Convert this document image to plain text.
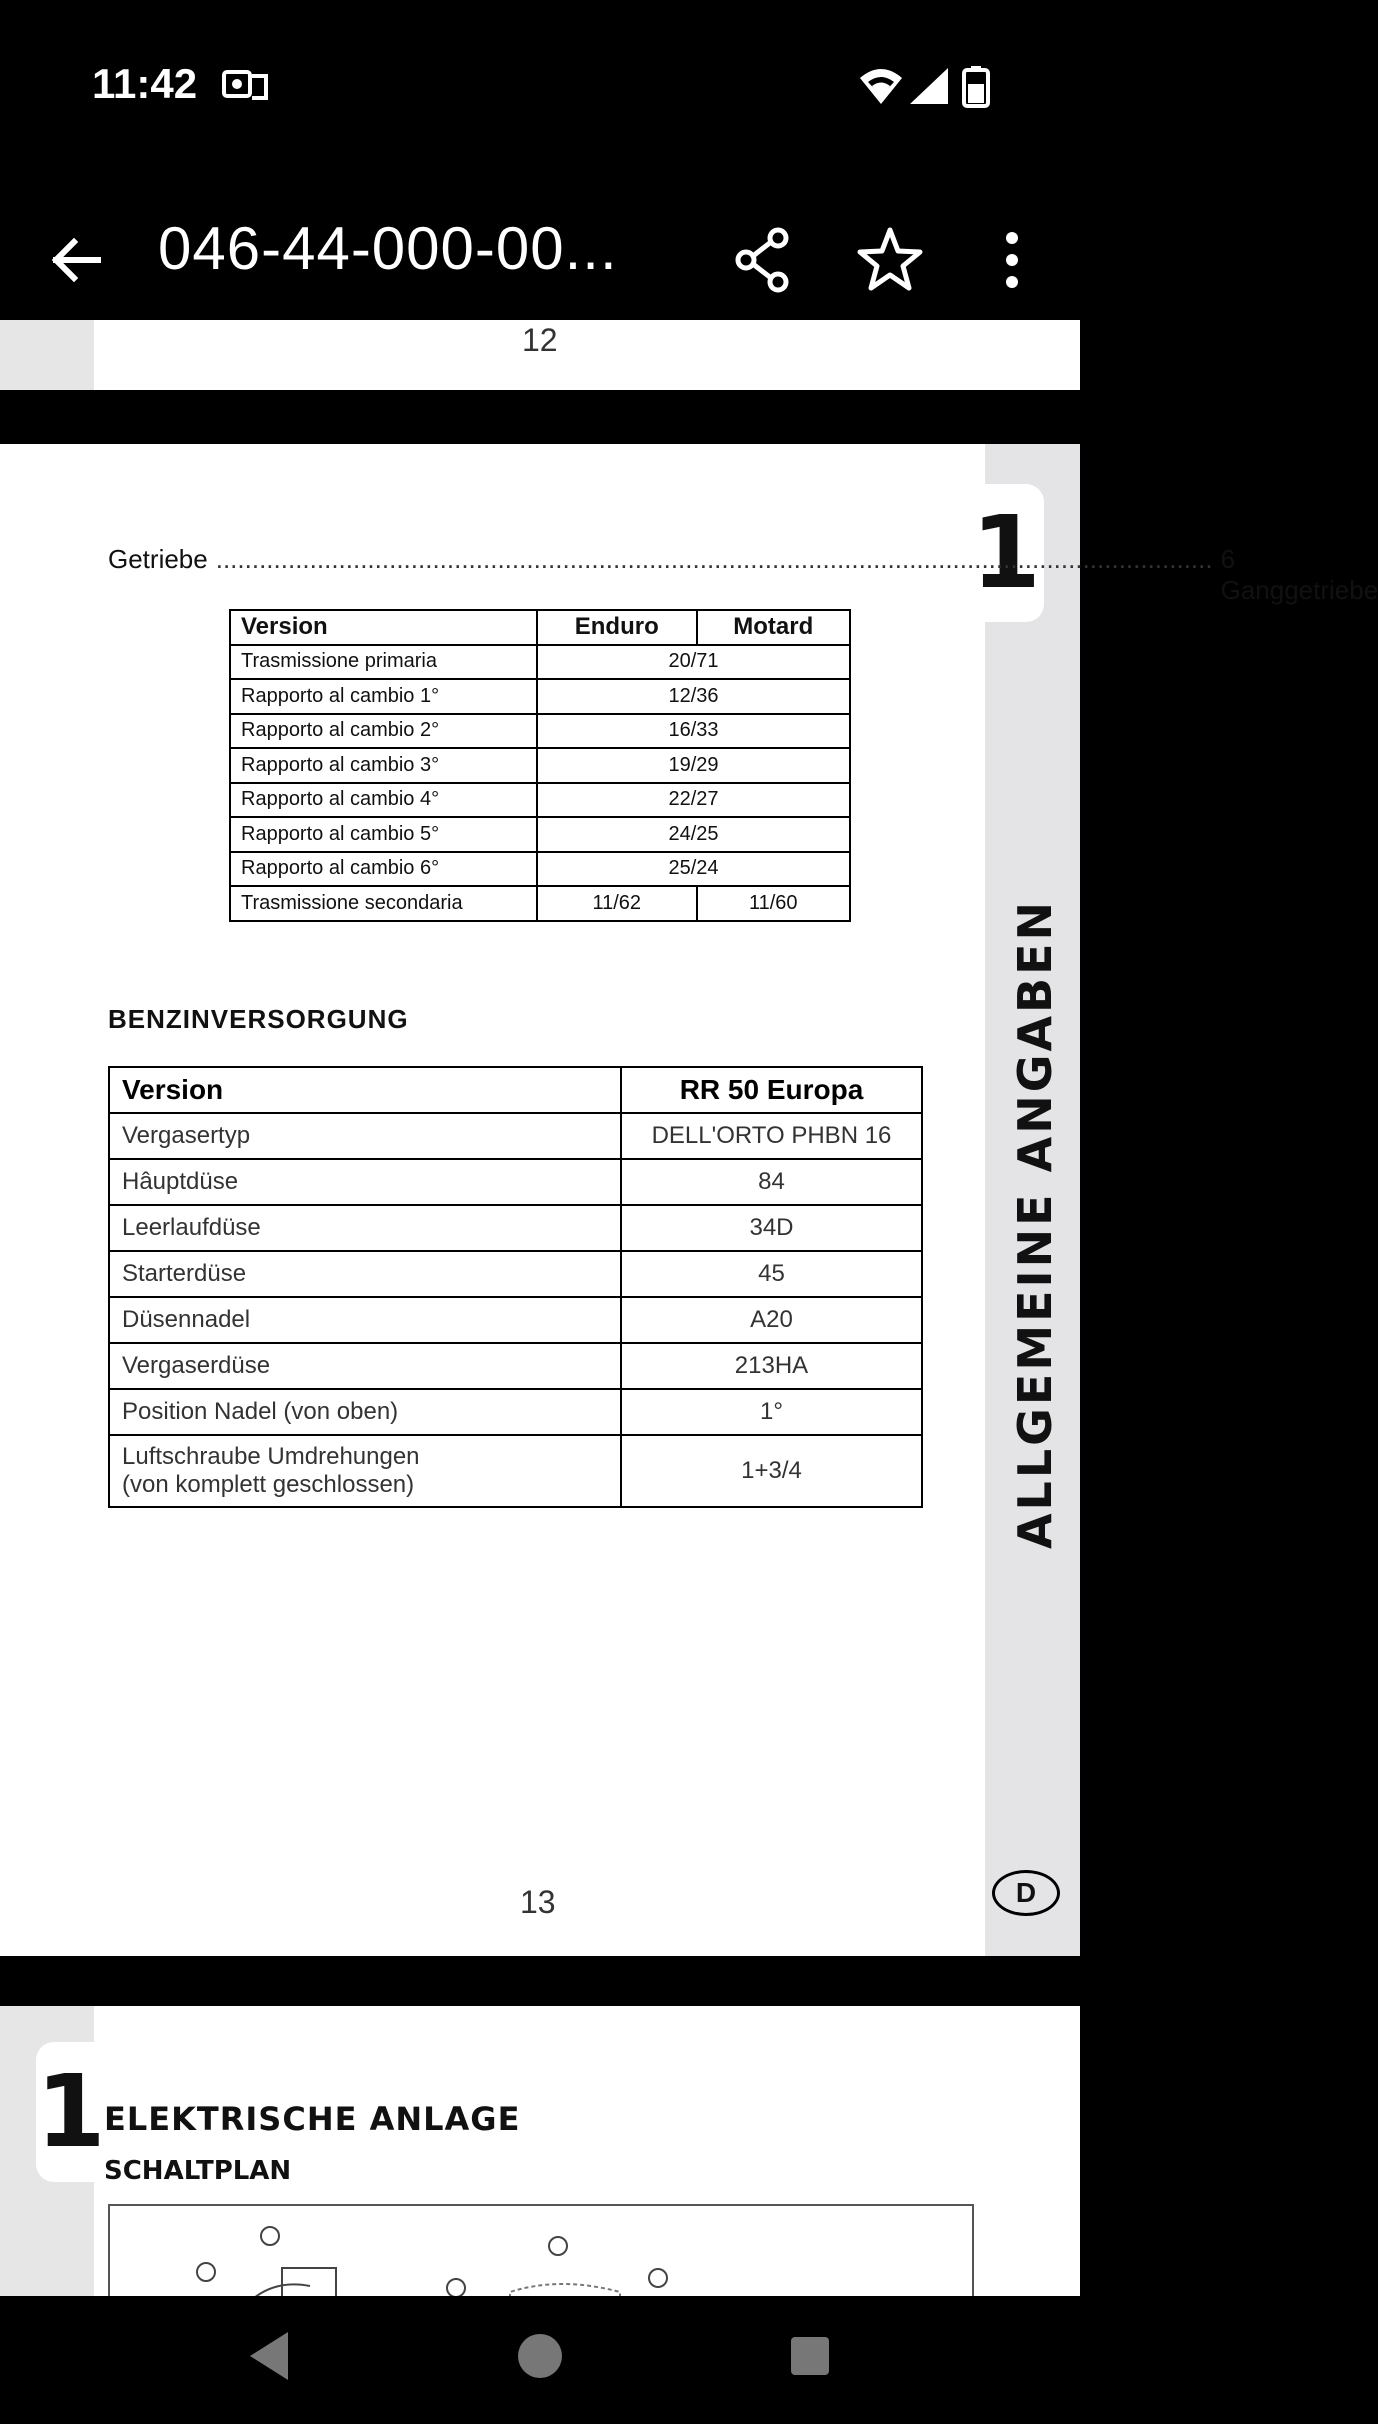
11:42
046-44-000-00...
12
1
ALLGEMEINE ANGABEN
Getriebe .......................................................................................................................................... 6 Ganggetriebe
Version	Enduro	Motard
Trasmissione primaria	20/71	
Rapporto al cambio 1°	12/36	
Rapporto al cambio 2°	16/33	
Rapporto al cambio 3°	19/29	
Rapporto al cambio 4°	22/27	
Rapporto al cambio 5°	24/25	
Rapporto al cambio 6°	25/24	
Trasmissione secondaria	11/62	11/60
BENZINVERSORGUNG
Version	RR 50 Europa
Vergasertyp	DELL'ORTO PHBN 16
Hâuptdüse	84
Leerlaufdüse	34D
Starterdüse	45
Düsennadel	A20
Vergaserdüse	213HA
Position Nadel (von oben)	1°

Luftschraube Umdrehungen
(von komplett geschlossen)	1+3/4
13	D
1
ELEKTRISCHE ANLAGE
SCHALTPLAN
